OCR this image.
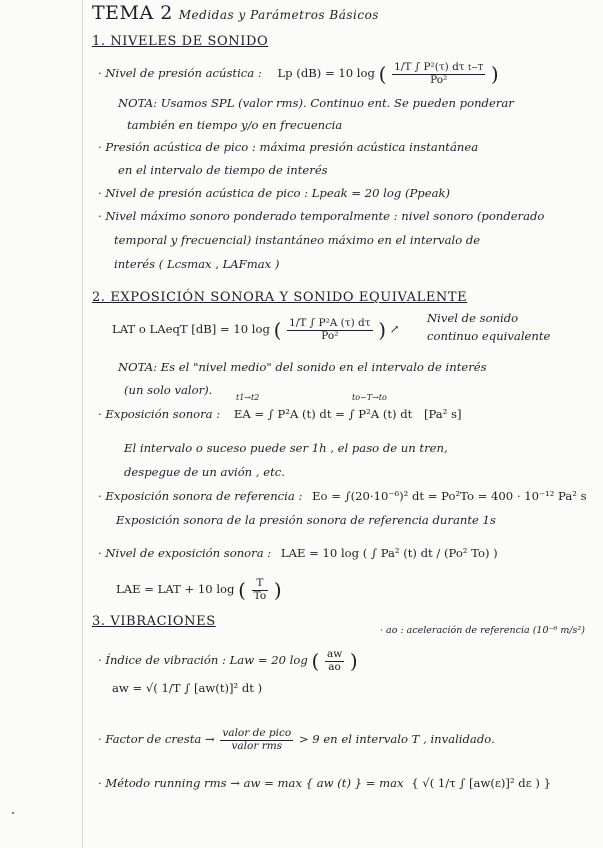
TEMA 2 Medidas y Parámetros Básicos
1. NIVELES DE SONIDO
· Nivel de presión acústica : Lp (dB) = 10 log ( $\frac{\text{1/T ∫ P²(τ) dτ t−T}}{\text{Po²}}$ )
NOTA: Usamos SPL (valor rms). Continuo ent. Se pueden ponderar
también en tiempo y/o en frecuencia
· Presión acústica de pico : máxima presión acústica instantánea
en el intervalo de tiempo de interés
· Nivel de presión acústica de pico : Lpeak = 20 log (Ppeak)
· Nivel máximo sonoro ponderado temporalmente : nivel sonoro (ponderado
temporal y frecuencial) instantáneo máximo en el intervalo de
interés ( Lcsmax , LAFmax )
2. EXPOSICIÓN SONORA Y SONIDO EQUIVALENTE
LAT o LAeqT [dB] = 10 log ( $\frac{\text{1/T ∫ P²A (τ) dτ}}{\text{Po²}}$ ) ↗
Nivel de sonido
continuo equivalente
NOTA: Es el "nivel medio" del sonido en el intervalo de interés
(un solo valor).
· Exposición sonora : EA = ∫ P²A (t) dt = ∫ P²A (t) dt [Pa² s]
t1→t2	to−T→to
El intervalo o suceso puede ser 1h , el paso de un tren,
despegue de un avión , etc.
· Exposición sonora de referencia : Eo = ∫(20·10⁻⁶)² dt = Po²To = 400 · 10⁻¹² Pa² s
Exposición sonora de la presión sonora de referencia durante 1s
· Nivel de exposición sonora : LAE = 10 log ( ∫ Pa² (t) dt / (Po² To) )
LAE = LAT + 10 log ( $\frac{T}{To}$ )
3. VIBRACIONES
· ao : aceleración de referencia (10⁻⁶ m/s²)
· Índice de vibración : Law = 20 log ( $\frac{aw}{ao}$ )
aw = √( 1/T ∫ [aw(t)]² dt )
· Factor de cresta → $\frac{\text{valor de pico}}{\text{valor rms}} > 9$ en el intervalo T , invalidado.
· Método running rms → aw = max { aw (t) } = max { √( 1/τ ∫ [aw(ε)]² dε ) }
